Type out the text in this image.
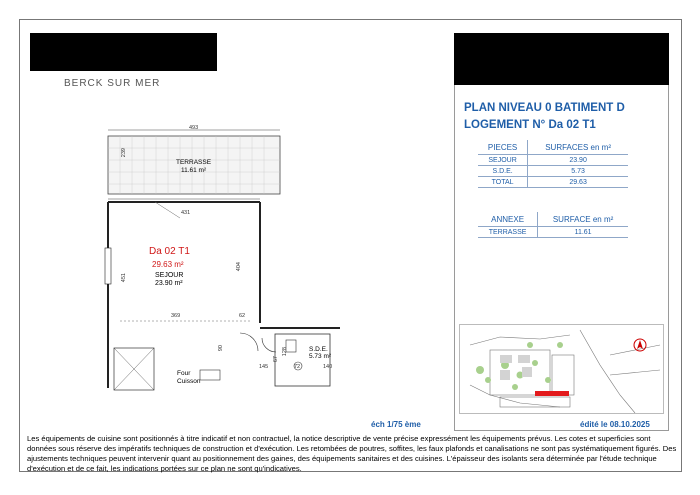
BERCK SUR MER
PLAN NIVEAU 0 BATIMENT D
LOGEMENT N° Da 02 T1
PIECES	SURFACES en m²
SEJOUR	23.90
S.D.E.	5.73
TOTAL	29.63
ANNEXE	SURFACE en m²
TERRASSE	11.61
TERRASSE
11.61 m²
Da 02 T1
29.63 m²
SEJOUR
23.90 m²
S.D.E.
5.73 m²
Four
Cuisson
493
239
431
451
404
369	62
145	140
90	128
67
72
éch 1/75 ème	édité le 08.10.2025
Les équipements de cuisine sont positionnés à titre indicatif et non contractuel, la notice descriptive de vente précise expressément les équipements prévus. Les cotes et superficies sont données sous réserve des impératifs techniques de construction et d'exécution. Les retombées de poutres, soffites, les faux plafonds et canalisations ne sont pas systématiquement figurés. Des ajustements techniques peuvent intervenir quant au positionnement des gaines, des équipements sanitaires et des cuisines. L'épaisseur des isolants sera déterminée par l'étude technique d'exécution et de ce fait, les indications portées sur ce plan ne sont qu'indicatives.
